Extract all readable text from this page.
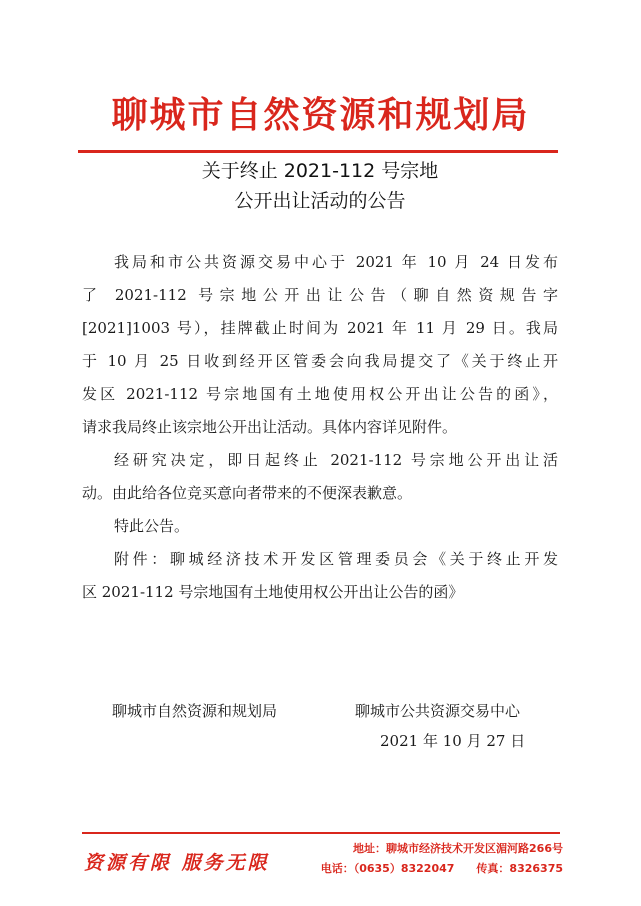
聊城市自然资源和规划局
关于终止 2021-112 号宗地
公开出让活动的公告
我局和市公共资源交易中心于 2021 年 10 月 24 日发布
了 2021-112 号宗地公开出让公告（聊自然资规告字
[2021]1003 号），挂牌截止时间为 2021 年 11 月 29 日。我局
于 10 月 25 日收到经开区管委会向我局提交了《关于终止开
发区 2021-112 号宗地国有土地使用权公开出让公告的函》，
请求我局终止该宗地公开出让活动。具体内容详见附件。
经研究决定，即日起终止 2021-112 号宗地公开出让活
动。由此给各位竞买意向者带来的不便深表歉意。
特此公告。
附件：聊城经济技术开发区管理委员会《关于终止开发
区 2021-112 号宗地国有土地使用权公开出让公告的函》
聊城市自然资源和规划局	聊城市公共资源交易中心
2021 年 10 月 27 日
资源有限 服务无限
地址：聊城市经济技术开发区湄河路266号
电话：（0635）8322047 传真：8326375
